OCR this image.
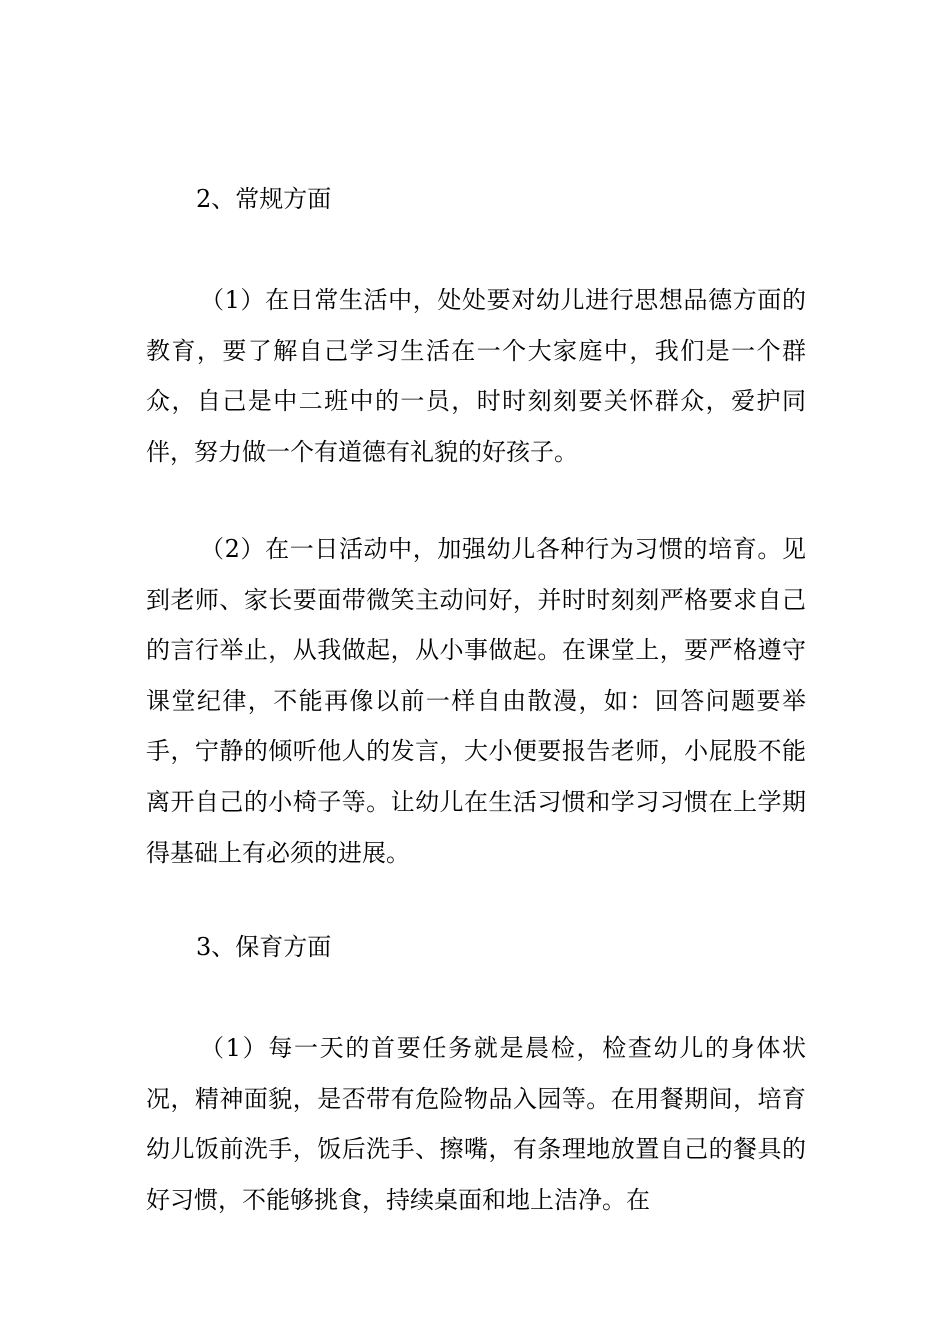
2、常规方面

（1）在日常生活中，处处要对幼儿进行思想品德方面的教育，要了解自己学习生活在一个大家庭中，我们是一个群众，自己是中二班中的一员，时时刻刻要关怀群众，爱护同伴，努力做一个有道德有礼貌的好孩子。

（2）在一日活动中，加强幼儿各种行为习惯的培育。见到老师、家长要面带微笑主动问好，并时时刻刻严格要求自己的言行举止，从我做起，从小事做起。在课堂上，要严格遵守课堂纪律，不能再像以前一样自由散漫，如：回答问题要举手，宁静的倾听他人的发言，大小便要报告老师，小屁股不能离开自己的小椅子等。让幼儿在生活习惯和学习习惯在上学期得基础上有必须的进展。

3、保育方面

（1）每一天的首要任务就是晨检，检查幼儿的身体状况，精神面貌，是否带有危险物品入园等。在用餐期间，培育幼儿饭前洗手，饭后洗手、擦嘴，有条理地放置自己的餐具的好习惯，不能够挑食，持续桌面和地上洁净。在
